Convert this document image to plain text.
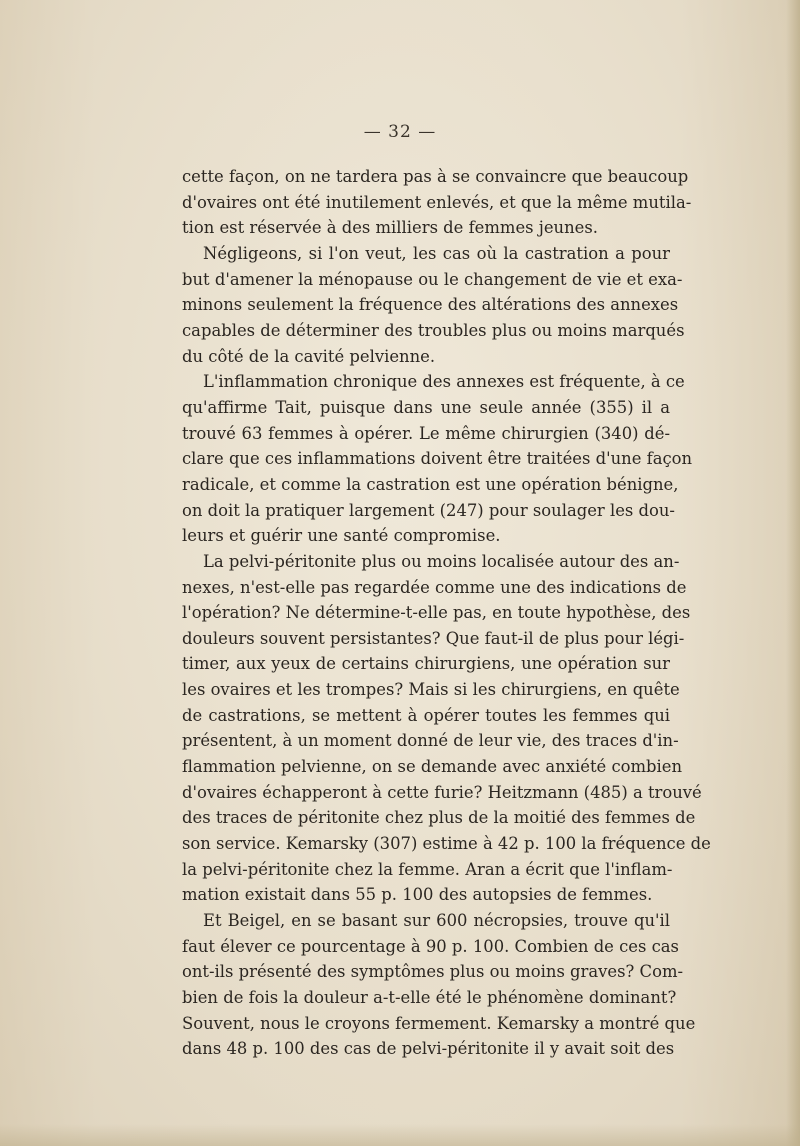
— 32 —
cette façon, on ne tardera pas à se convaincre que beaucoup
d'ovaires ont été inutilement enlevés, et que la même mutila-
tion est réservée à des milliers de femmes jeunes.
Négligeons, si l'on veut, les cas où la castration a pour
but d'amener la ménopause ou le changement de vie et exa-
minons seulement la fréquence des altérations des annexes
capables de déterminer des troubles plus ou moins marqués
du côté de la cavité pelvienne.
L'inflammation chronique des annexes est fréquente, à ce
qu'affirme Tait, puisque dans une seule année (355) il a
trouvé 63 femmes à opérer. Le même chirurgien (340) dé-
clare que ces inflammations doivent être traitées d'une façon
radicale, et comme la castration est une opération bénigne,
on doit la pratiquer largement (247) pour soulager les dou-
leurs et guérir une santé compromise.
La pelvi-péritonite plus ou moins localisée autour des an-
nexes, n'est-elle pas regardée comme une des indications de
l'opération? Ne détermine-t-elle pas, en toute hypothèse, des
douleurs souvent persistantes? Que faut-il de plus pour légi-
timer, aux yeux de certains chirurgiens, une opération sur
les ovaires et les trompes? Mais si les chirurgiens, en quête
de castrations, se mettent à opérer toutes les femmes qui
présentent, à un moment donné de leur vie, des traces d'in-
flammation pelvienne, on se demande avec anxiété combien
d'ovaires échapperont à cette furie? Heitzmann (485) a trouvé
des traces de péritonite chez plus de la moitié des femmes de
son service. Kemarsky (307) estime à 42 p. 100 la fréquence de
la pelvi-péritonite chez la femme. Aran a écrit que l'inflam-
mation existait dans 55 p. 100 des autopsies de femmes.
Et Beigel, en se basant sur 600 nécropsies, trouve qu'il
faut élever ce pourcentage à 90 p. 100. Combien de ces cas
ont-ils présenté des symptômes plus ou moins graves? Com-
bien de fois la douleur a-t-elle été le phénomène dominant?
Souvent, nous le croyons fermement. Kemarsky a montré que
dans 48 p. 100 des cas de pelvi-péritonite il y avait soit des
